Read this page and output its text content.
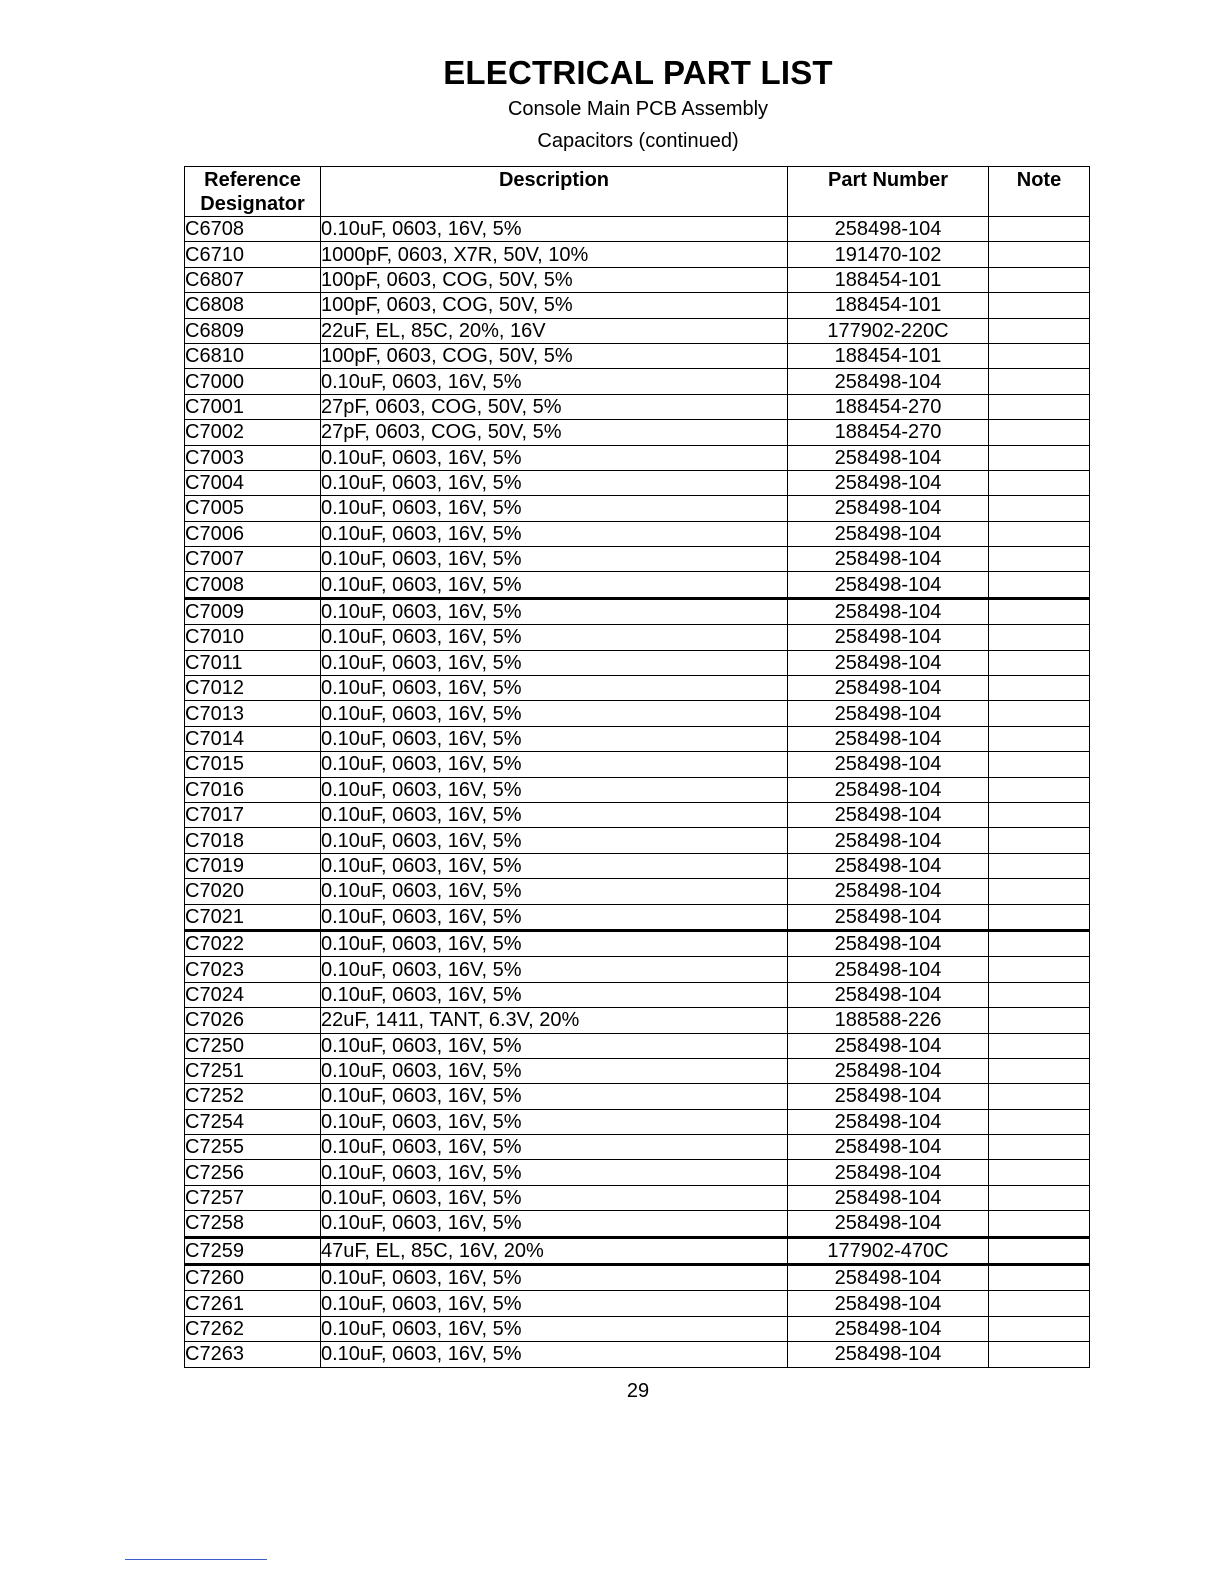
ELECTRICAL PART LIST
Console Main PCB Assembly
Capacitors (continued)
Reference
Designator	Description	Part Number	Note
C6708	0.10uF, 0603, 16V, 5%	258498-104	
C6710	1000pF, 0603, X7R, 50V, 10%	191470-102	
C6807	100pF, 0603, COG, 50V, 5%	188454-101	
C6808	100pF, 0603, COG, 50V, 5%	188454-101	
C6809	22uF, EL, 85C, 20%, 16V	177902-220C	
C6810	100pF, 0603, COG, 50V, 5%	188454-101	
C7000	0.10uF, 0603, 16V, 5%	258498-104	
C7001	27pF, 0603, COG, 50V, 5%	188454-270	
C7002	27pF, 0603, COG, 50V, 5%	188454-270	
C7003	0.10uF, 0603, 16V, 5%	258498-104	
C7004	0.10uF, 0603, 16V, 5%	258498-104	
C7005	0.10uF, 0603, 16V, 5%	258498-104	
C7006	0.10uF, 0603, 16V, 5%	258498-104	
C7007	0.10uF, 0603, 16V, 5%	258498-104	
C7008	0.10uF, 0603, 16V, 5%	258498-104	
C7009	0.10uF, 0603, 16V, 5%	258498-104	
C7010	0.10uF, 0603, 16V, 5%	258498-104	
C7011	0.10uF, 0603, 16V, 5%	258498-104	
C7012	0.10uF, 0603, 16V, 5%	258498-104	
C7013	0.10uF, 0603, 16V, 5%	258498-104	
C7014	0.10uF, 0603, 16V, 5%	258498-104	
C7015	0.10uF, 0603, 16V, 5%	258498-104	
C7016	0.10uF, 0603, 16V, 5%	258498-104	
C7017	0.10uF, 0603, 16V, 5%	258498-104	
C7018	0.10uF, 0603, 16V, 5%	258498-104	
C7019	0.10uF, 0603, 16V, 5%	258498-104	
C7020	0.10uF, 0603, 16V, 5%	258498-104	
C7021	0.10uF, 0603, 16V, 5%	258498-104	
C7022	0.10uF, 0603, 16V, 5%	258498-104	
C7023	0.10uF, 0603, 16V, 5%	258498-104	
C7024	0.10uF, 0603, 16V, 5%	258498-104	
C7026	22uF, 1411, TANT, 6.3V, 20%	188588-226	
C7250	0.10uF, 0603, 16V, 5%	258498-104	
C7251	0.10uF, 0603, 16V, 5%	258498-104	
C7252	0.10uF, 0603, 16V, 5%	258498-104	
C7254	0.10uF, 0603, 16V, 5%	258498-104	
C7255	0.10uF, 0603, 16V, 5%	258498-104	
C7256	0.10uF, 0603, 16V, 5%	258498-104	
C7257	0.10uF, 0603, 16V, 5%	258498-104	
C7258	0.10uF, 0603, 16V, 5%	258498-104	
C7259	47uF, EL, 85C, 16V, 20%	177902-470C	
C7260	0.10uF, 0603, 16V, 5%	258498-104	
C7261	0.10uF, 0603, 16V, 5%	258498-104	
C7262	0.10uF, 0603, 16V, 5%	258498-104	
C7263	0.10uF, 0603, 16V, 5%	258498-104	
29
